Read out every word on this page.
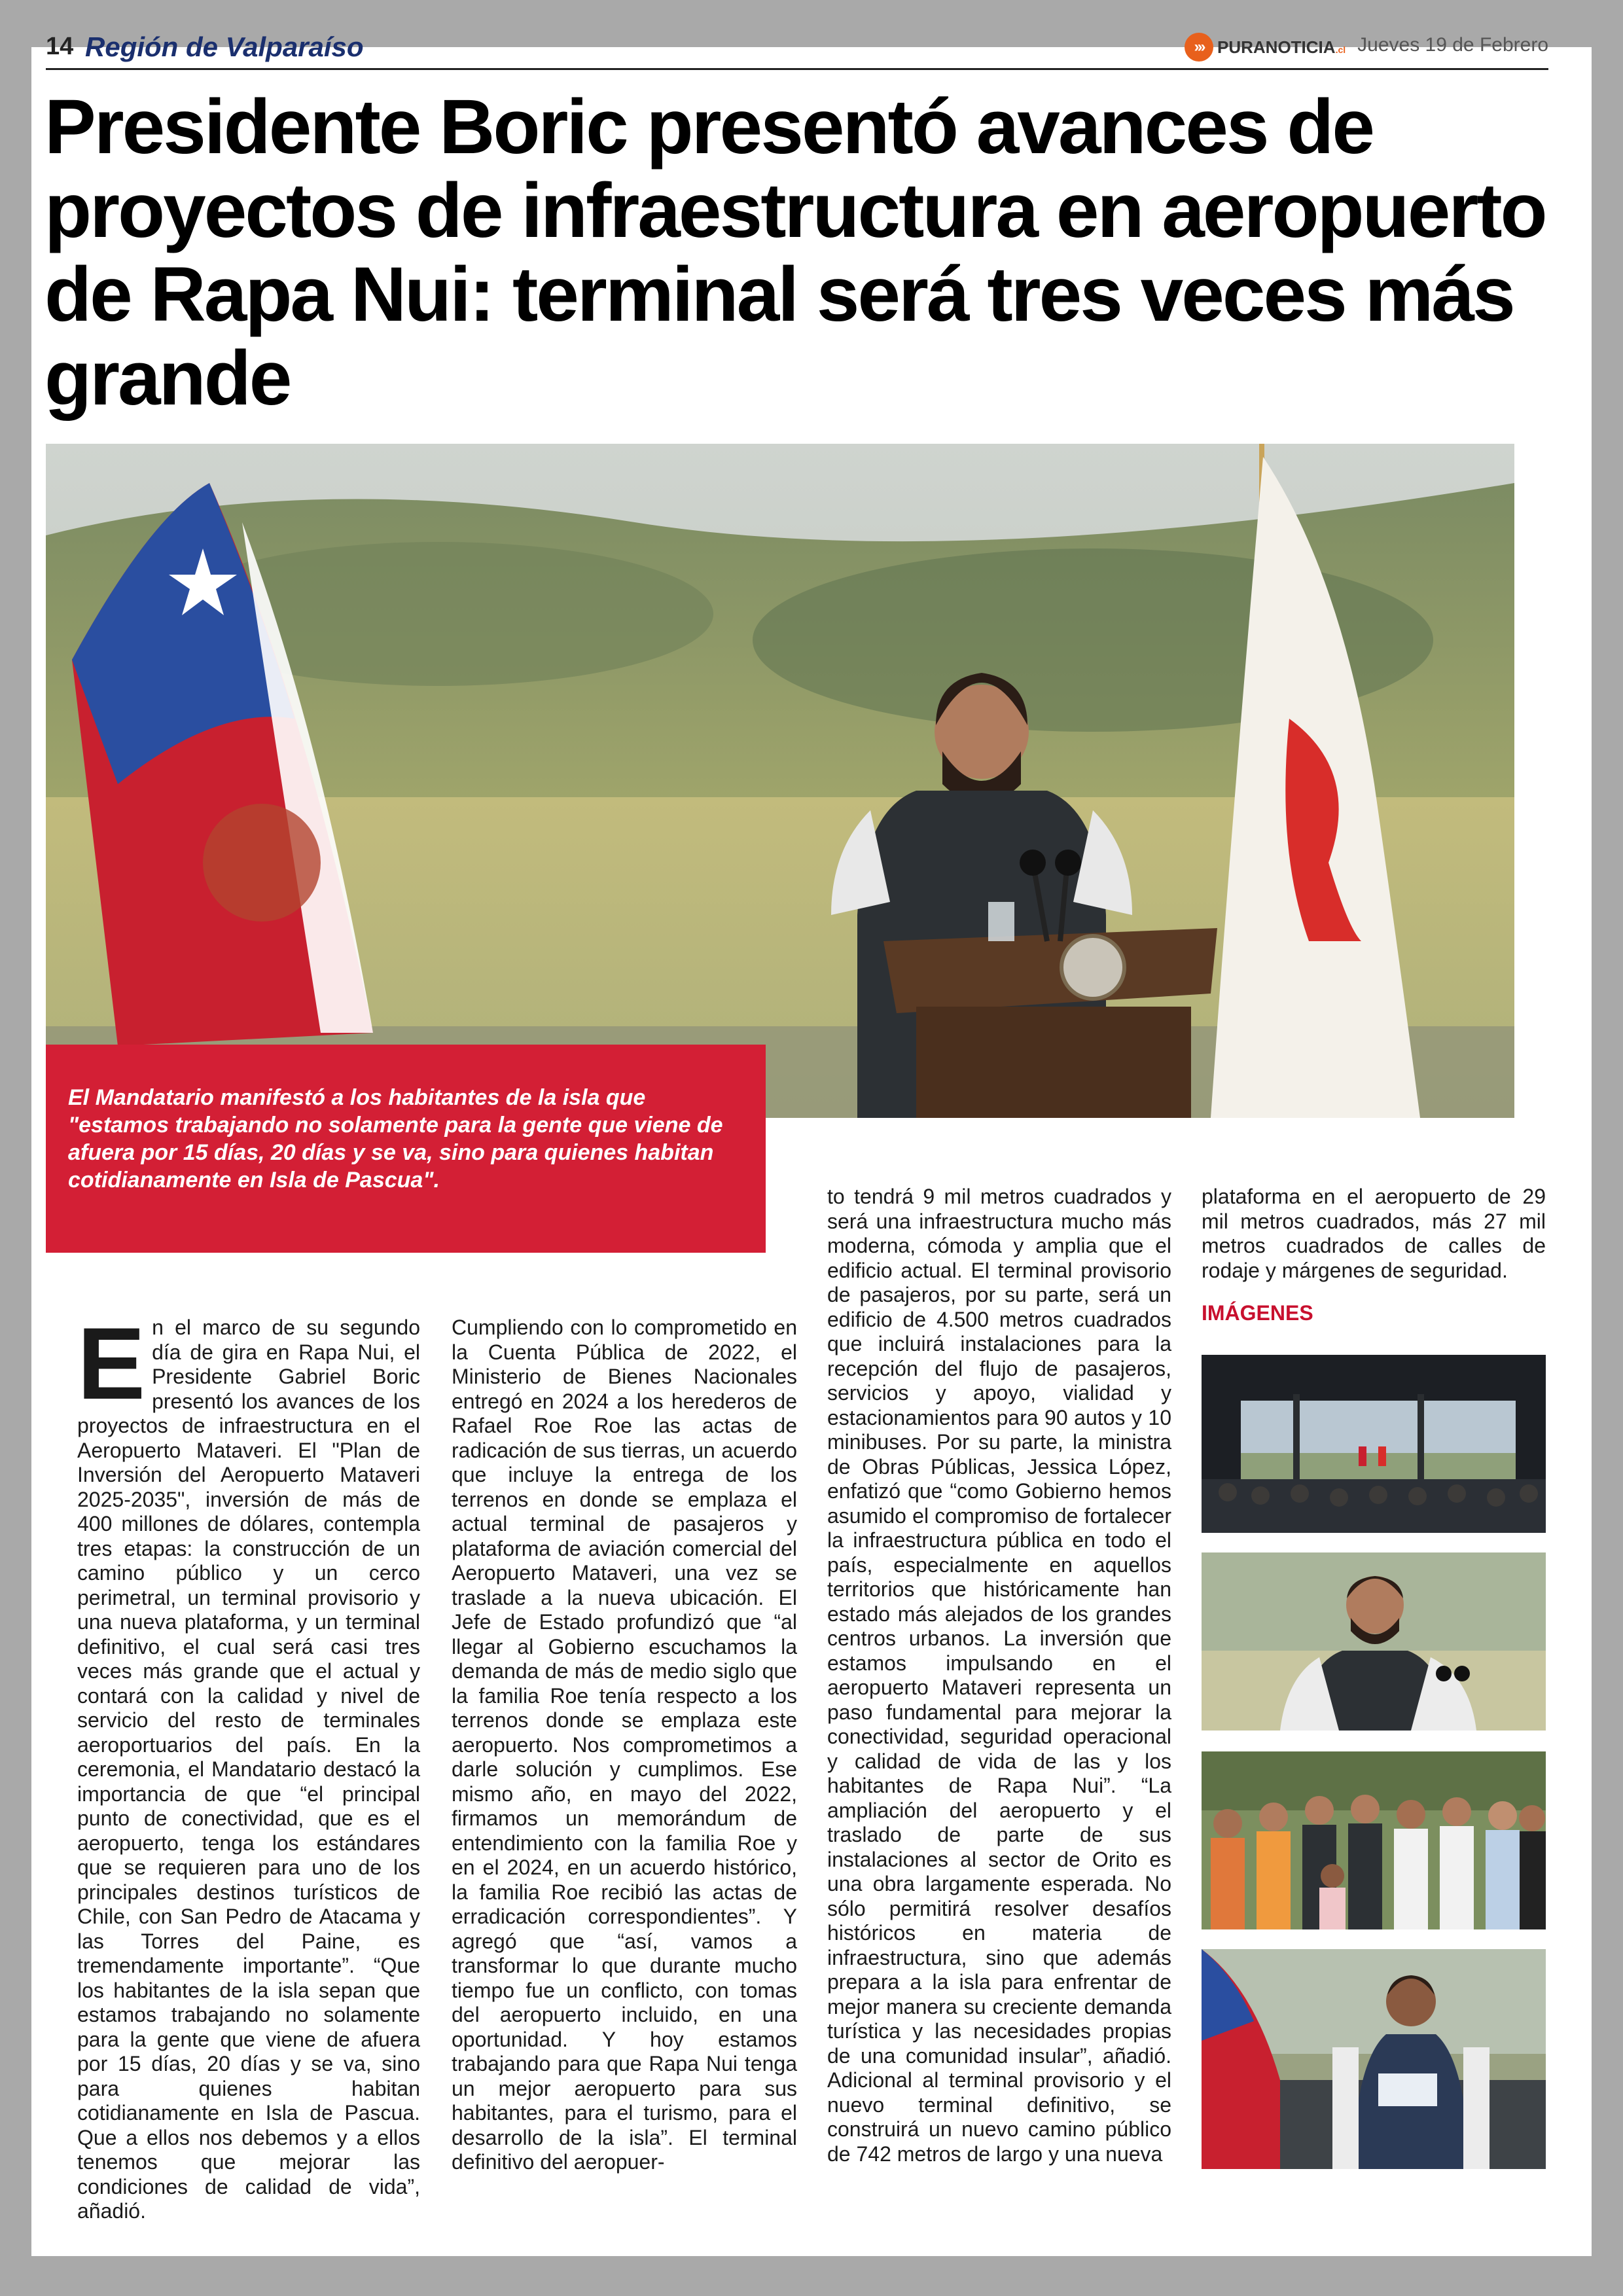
14 Región de Valparaíso	››› PURANOTICIA.cl Jueves 19 de Febrero
Presidente Boric presentó avances de proyectos de infraestructura en aeropuerto de Rapa Nui: terminal será tres veces más grande

El Mandatario manifestó a los habitantes de la isla que "estamos trabajando no solamente para la gente que viene de afuera por 15 días, 20 días y se va, sino para quienes habitan cotidianamente en Isla de Pascua".

E n el marco de su segundo día de gira en Rapa Nui, el Presidente Gabriel Boric presentó los avances de los proyectos de infraestructura en el Aeropuerto Mataveri. El "Plan de Inversión del Aeropuerto Mataveri 2025-2035", inversión de más de 400 millones de dólares, contempla tres etapas: la construcción de un camino público y un cerco perimetral, un terminal provisorio y una nueva plataforma, y un terminal definitivo, el cual será casi tres veces más grande que el actual y contará con la calidad y nivel de servicio del resto de terminales aeroportuarios del país. En la ceremonia, el Mandatario destacó la importancia de que “el principal punto de conectividad, que es el aeropuerto, tenga los estándares que se requieren para uno de los principales destinos turísticos de Chile, con San Pedro de Atacama y las Torres del Paine, es tremendamente importante”. “Que los habitantes de la isla sepan que estamos trabajando no solamente para la gente que viene de afuera por 15 días, 20 días y se va, sino para quienes habitan cotidianamente en Isla de Pascua. Que a ellos nos debemos y a ellos tenemos que mejorar las condiciones de calidad de vida”, añadió.

Cumpliendo con lo comprometido en la Cuenta Pública de 2022, el Ministerio de Bienes Nacionales entregó en 2024 a los herederos de Rafael Roe Roe las actas de radicación de sus tierras, un acuerdo que incluye la entrega de los terrenos en donde se emplaza el actual terminal de pasajeros y plataforma de aviación comercial del Aeropuerto Mataveri, una vez se traslade a la nueva ubicación. El Jefe de Estado profundizó que “al llegar al Gobierno escuchamos la demanda de más de medio siglo que la familia Roe tenía respecto a los terrenos donde se emplaza este aeropuerto. Nos comprometimos a darle solución y cumplimos. Ese mismo año, en mayo del 2022, firmamos un memorándum de entendimiento con la familia Roe y en el 2024, en un acuerdo histórico, la familia Roe recibió las actas de erradicación correspondientes”. Y agregó que “así, vamos a transformar lo que durante mucho tiempo fue un conflicto, con tomas del aeropuerto incluido, en una oportunidad. Y hoy estamos trabajando para que Rapa Nui tenga un mejor aeropuerto para sus habitantes, para el turismo, para el desarrollo de la isla”. El terminal definitivo del aeropuer-

to tendrá 9 mil metros cuadrados y será una infraestructura mucho más moderna, cómoda y amplia que el edificio actual. El terminal provisorio de pasajeros, por su parte, será un edificio de 4.500 metros cuadrados que incluirá instalaciones para la recepción del flujo de pasajeros, servicios y apoyo, vialidad y estacionamientos para 90 autos y 10 minibuses. Por su parte, la ministra de Obras Públicas, Jessica López, enfatizó que “como Gobierno hemos asumido el compromiso de fortalecer la infraestructura pública en todo el país, especialmente en aquellos territorios que históricamente han estado más alejados de los grandes centros urbanos. La inversión que estamos impulsando en el aeropuerto Mataveri representa un paso fundamental para mejorar la conectividad, seguridad operacional y calidad de vida de las y los habitantes de Rapa Nui”. “La ampliación del aeropuerto y el traslado de parte de sus instalaciones al sector de Orito es una obra largamente esperada. No sólo permitirá resolver desafíos históricos en materia de infraestructura, sino que además prepara a la isla para enfrentar de mejor manera su creciente demanda turística y las necesidades propias de una comunidad insular”, añadió. Adicional al terminal provisorio y el nuevo terminal definitivo, se construirá un nuevo camino público de 742 metros de largo y una nueva

plataforma en el aeropuerto de 29 mil metros cuadrados, más 27 mil metros cuadrados de calles de rodaje y márgenes de seguridad.

IMÁGENES
